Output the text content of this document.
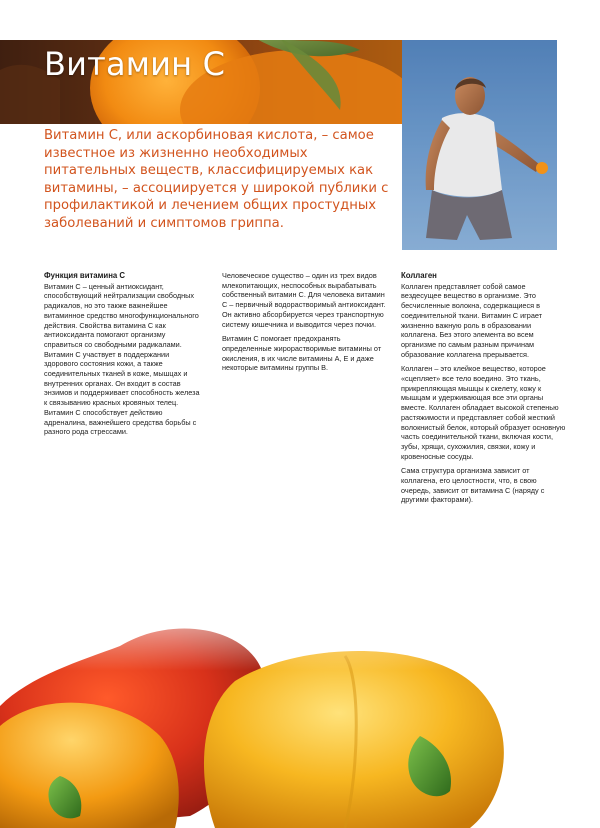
Витамин С

Витамин С, или аскорбиновая кислота, – самое известное из жизненно необходимых питательных веществ, классифицируемых как витамины, – ассоциируется у широкой публики с профилактикой и лечением общих простудных заболеваний и симптомов гриппа.

Функция витамина С

Витамин С – ценный антиоксидант, способствующий нейтрализации свободных радикалов, но это также важнейшее витаминное средство многофункционального действия. Свойства витамина С как антиоксиданта помогают организму справиться со свободными радикалами. Витамин С участвует в поддержании здорового состояния кожи, а также соединительных тканей в коже, мышцах и внутренних органах. Он входит в состав энзимов и поддерживает способность железа к связыванию красных кровяных телец. Витамин С способствует действию адреналина, важнейшего средства борьбы с разного рода стрессами.

Человеческое существо – один из трех видов млекопитающих, неспособных вырабатывать собственный витамин С. Для человека витамин С – первичный водорастворимый антиоксидант. Он активно абсорбируется через транспортную систему кишечника и выводится через почки.

Витамин С помогает предохранять определенные жирорастворимые витамины от окисления, в их числе витамины А, Е и даже некоторые витамины группы В.

Коллаген

Коллаген представляет собой самое вездесущее вещество в организме. Это бесчисленные волокна, содержащиеся в соединительной ткани. Витамин С играет жизненно важную роль в образовании коллагена. Без этого элемента во всем организме по самым разным причинам образование коллагена прерывается.

Коллаген – это клейкое вещество, которое «сцепляет» все тело воедино. Это ткань, прикрепляющая мышцы к скелету, кожу к мышцам и удерживающая все эти органы вместе. Коллаген обладает высокой степенью растяжимости и представляет собой жесткий волокнистый белок, который образует основную часть соединительной ткани, включая кости, зубы, хрящи, сухожилия, связки, кожу и кровеносные сосуды.

Сама структура организма зависит от коллагена, его целостности, что, в свою очередь, зависит от витамина С (наряду с другими факторами).
